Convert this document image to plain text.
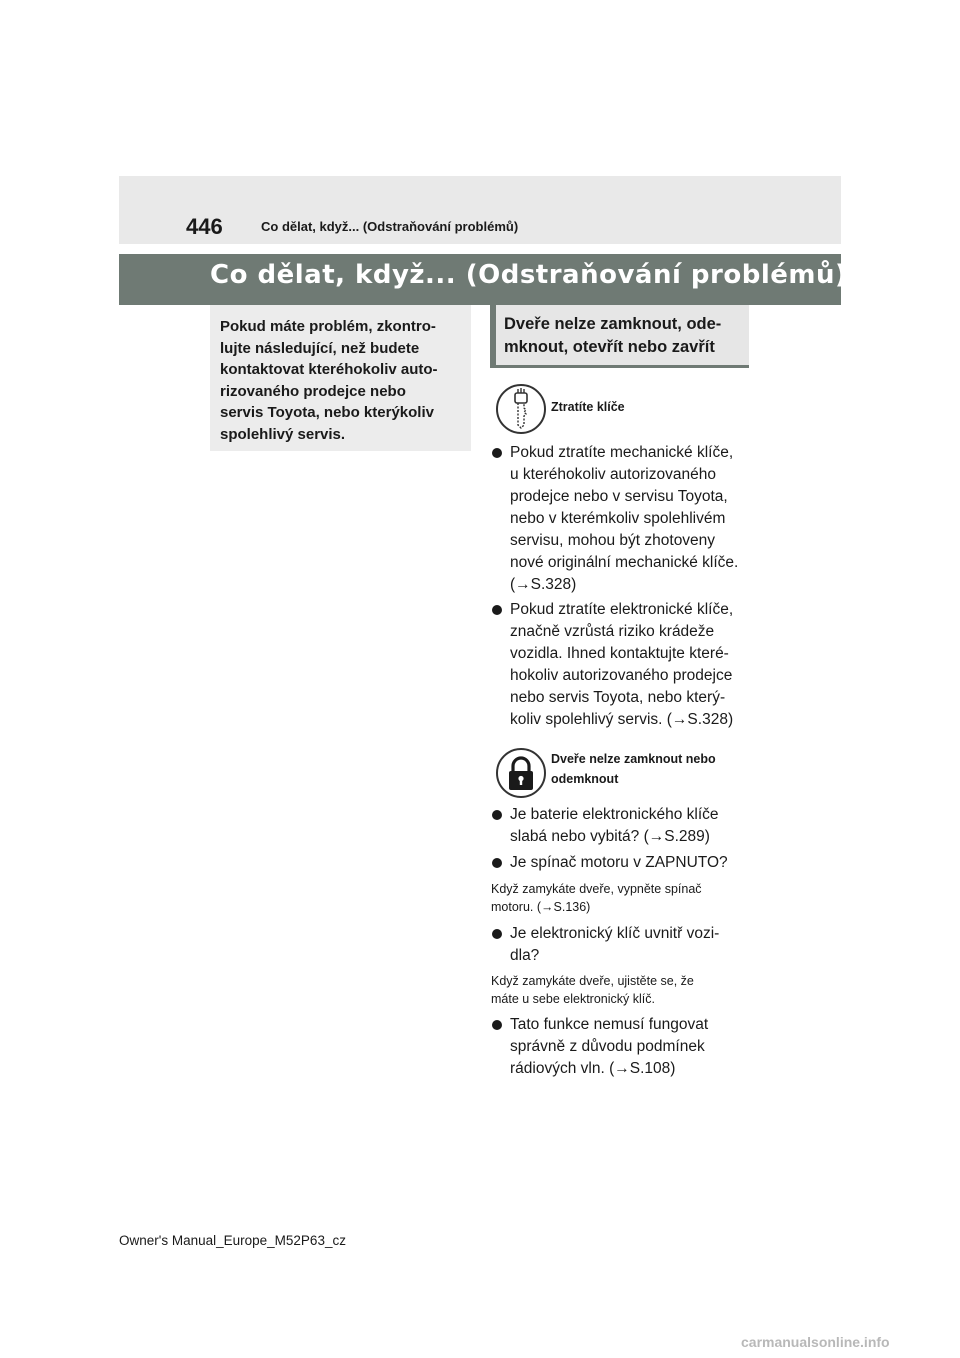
446	Co dělat, když... (Odstraňování problémů)
Co dělat, když... (Odstraňování problémů)
Pokud máte problém, zkontro-
lujte následující, než budete
kontaktovat kteréhokoliv auto-
rizovaného prodejce nebo
servis Toyota, nebo kterýkoliv
spolehlivý servis.
Dveře nelze zamknout, ode-
mknout, otevřít nebo zavřít
Ztratíte klíče
Pokud ztratíte mechanické klíče,
u kteréhokoliv autorizovaného
prodejce nebo v servisu Toyota,
nebo v kterémkoliv spolehlivém
servisu, mohou být zhotoveny
nové originální mechanické klíče.
(→S.328)
Pokud ztratíte elektronické klíče,
značně vzrůstá riziko krádeže
vozidla. Ihned kontaktujte které-
hokoliv autorizovaného prodejce
nebo servis Toyota, nebo který-
koliv spolehlivý servis. (→S.328)
Dveře nelze zamknout nebo
odemknout
Je baterie elektronického klíče
slabá nebo vybitá? (→S.289)
Je spínač motoru v ZAPNUTO?
Když zamykáte dveře, vypněte spínač
motoru. (→S.136)
Je elektronický klíč uvnitř vozi-
dla?
Když zamykáte dveře, ujistěte se, že
máte u sebe elektronický klíč.
Tato funkce nemusí fungovat
správně z důvodu podmínek
rádiových vln. (→S.108)
Owner's Manual_Europe_M52P63_cz
carmanualsonline.info
